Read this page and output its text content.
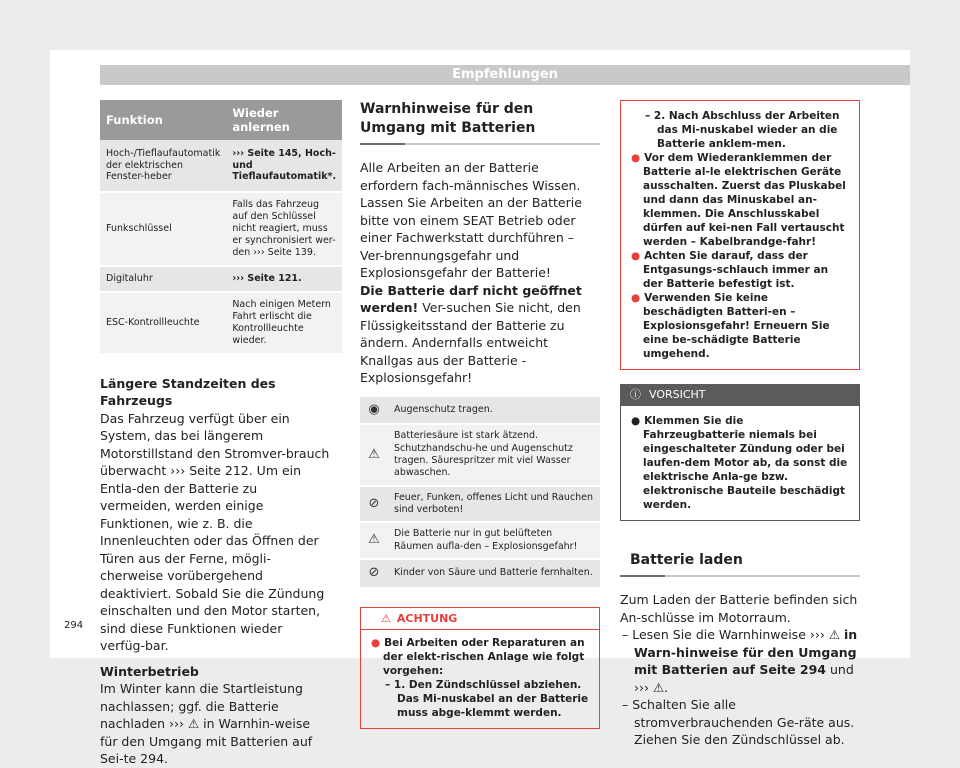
Empfehlungen
Funktion	Wieder anlernen
Hoch-/Tieflaufautomatik der elektrischen Fenster-heber	››› Seite 145, Hoch- und Tieflaufautomatik*.
Funkschlüssel	Falls das Fahrzeug auf den Schlüssel nicht reagiert, muss er synchronisiert wer-den ››› Seite 139.
Digitaluhr	››› Seite 121.
ESC-Kontrollleuchte	Nach einigen Metern Fahrt erlischt die Kontrollleuchte wieder.
Längere Standzeiten des Fahrzeugs
Das Fahrzeug verfügt über ein System, das bei längerem Motorstillstand den Stromver-brauch überwacht ››› Seite 212. Um ein Entla-den der Batterie zu vermeiden, werden einige Funktionen, wie z. B. die Innenleuchten oder das Öffnen der Türen aus der Ferne, mögli-cherweise vorübergehend deaktiviert. Sobald Sie die Zündung einschalten und den Motor starten, sind diese Funktionen wieder verfüg-bar.
Winterbetrieb
Im Winter kann die Startleistung nachlassen; ggf. die Batterie nachladen ››› ⚠ in Warnhin-weise für den Umgang mit Batterien auf Sei-te 294.
Warnhinweise für den Umgang mit Batterien
Alle Arbeiten an der Batterie erfordern fach-männisches Wissen. Lassen Sie Arbeiten an der Batterie bitte von einem SEAT Betrieb oder einer Fachwerkstatt durchführen – Ver-brennungsgefahr und Explosionsgefahr der Batterie!
Die Batterie darf nicht geöffnet werden! Ver-suchen Sie nicht, den Flüssigkeitsstand der Batterie zu ändern. Andernfalls entweicht Knallgas aus der Batterie - Explosionsgefahr!
◉	Augenschutz tragen.
⚠	Batteriesäure ist stark ätzend. Schutzhandschu-he und Augenschutz tragen. Säurespritzer mit viel Wasser abwaschen.
⊘	Feuer, Funken, offenes Licht und Rauchen sind verboten!
⚠	Die Batterie nur in gut belüfteten Räumen aufla-den – Explosionsgefahr!
⊘	Kinder von Säure und Batterie fernhalten.
⚠ ACHTUNG
● Bei Arbeiten oder Reparaturen an der elekt-rischen Anlage wie folgt vorgehen:
– 1. Den Zündschlüssel abziehen. Das Mi-nuskabel an der Batterie muss abge-klemmt werden.
– 2. Nach Abschluss der Arbeiten das Mi-nuskabel wieder an die Batterie anklem-men.
● Vor dem Wiederanklemmen der Batterie al-le elektrischen Geräte ausschalten. Zuerst das Pluskabel und dann das Minuskabel an-klemmen. Die Anschlusskabel dürfen auf kei-nen Fall vertauscht werden – Kabelbrandge-fahr!
● Achten Sie darauf, dass der Entgasungs-schlauch immer an der Batterie befestigt ist.
● Verwenden Sie keine beschädigten Batteri-en – Explosionsgefahr! Erneuern Sie eine be-schädigte Batterie umgehend.
ⓘ VORSICHT
● Klemmen Sie die Fahrzeugbatterie niemals bei eingeschalteter Zündung oder bei laufen-dem Motor ab, da sonst die elektrische Anla-ge bzw. elektronische Bauteile beschädigt werden.
Batterie laden
Zum Laden der Batterie befinden sich An-schlüsse im Motorraum.
– Lesen Sie die Warnhinweise ››› ⚠ in Warn-hinweise für den Umgang mit Batterien auf Seite 294 und ››› ⚠.
– Schalten Sie alle stromverbrauchenden Ge-räte aus. Ziehen Sie den Zündschlüssel ab.
294
